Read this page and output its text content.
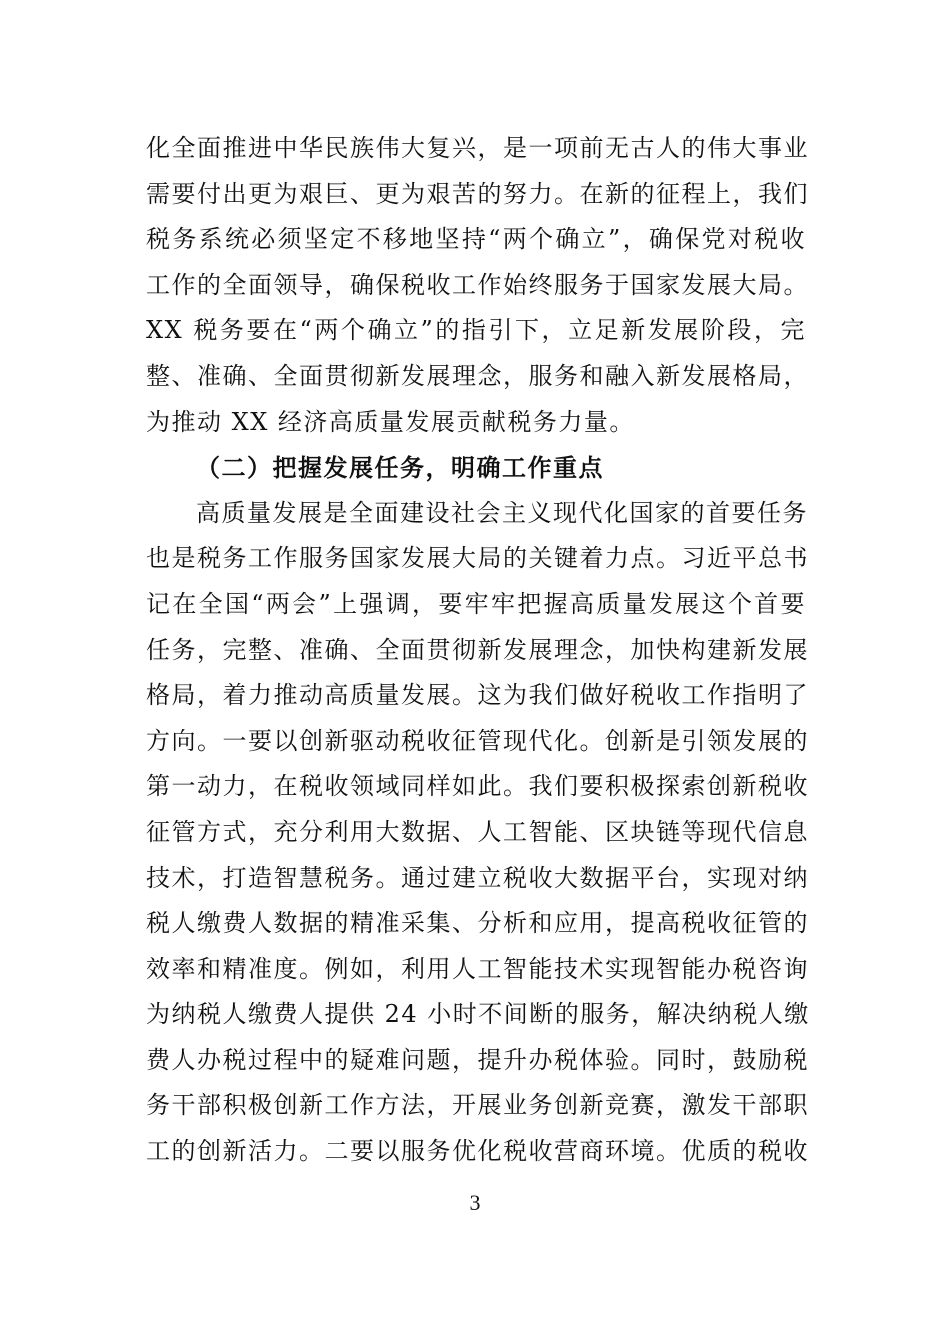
化全面推进中华民族伟大复兴，是一项前无古人的伟大事业
需要付出更为艰巨、更为艰苦的努力。在新的征程上，我们
税务系统必须坚定不移地坚持“两个确立”，确保党对税收
工作的全面领导，确保税收工作始终服务于国家发展大局。
XX 税务要在“两个确立”的指引下，立足新发展阶段，完
整、准确、全面贯彻新发展理念，服务和融入新发展格局，
为推动 XX 经济高质量发展贡献税务力量。
（二）把握发展任务，明确工作重点
高质量发展是全面建设社会主义现代化国家的首要任务
也是税务工作服务国家发展大局的关键着力点。习近平总书
记在全国“两会”上强调，要牢牢把握高质量发展这个首要
任务，完整、准确、全面贯彻新发展理念，加快构建新发展
格局，着力推动高质量发展。这为我们做好税收工作指明了
方向。一要以创新驱动税收征管现代化。创新是引领发展的
第一动力，在税收领域同样如此。我们要积极探索创新税收
征管方式，充分利用大数据、人工智能、区块链等现代信息
技术，打造智慧税务。通过建立税收大数据平台，实现对纳
税人缴费人数据的精准采集、分析和应用，提高税收征管的
效率和精准度。例如，利用人工智能技术实现智能办税咨询
为纳税人缴费人提供 24 小时不间断的服务，解决纳税人缴
费人办税过程中的疑难问题，提升办税体验。同时，鼓励税
务干部积极创新工作方法，开展业务创新竞赛，激发干部职
工的创新活力。二要以服务优化税收营商环境。优质的税收
3
